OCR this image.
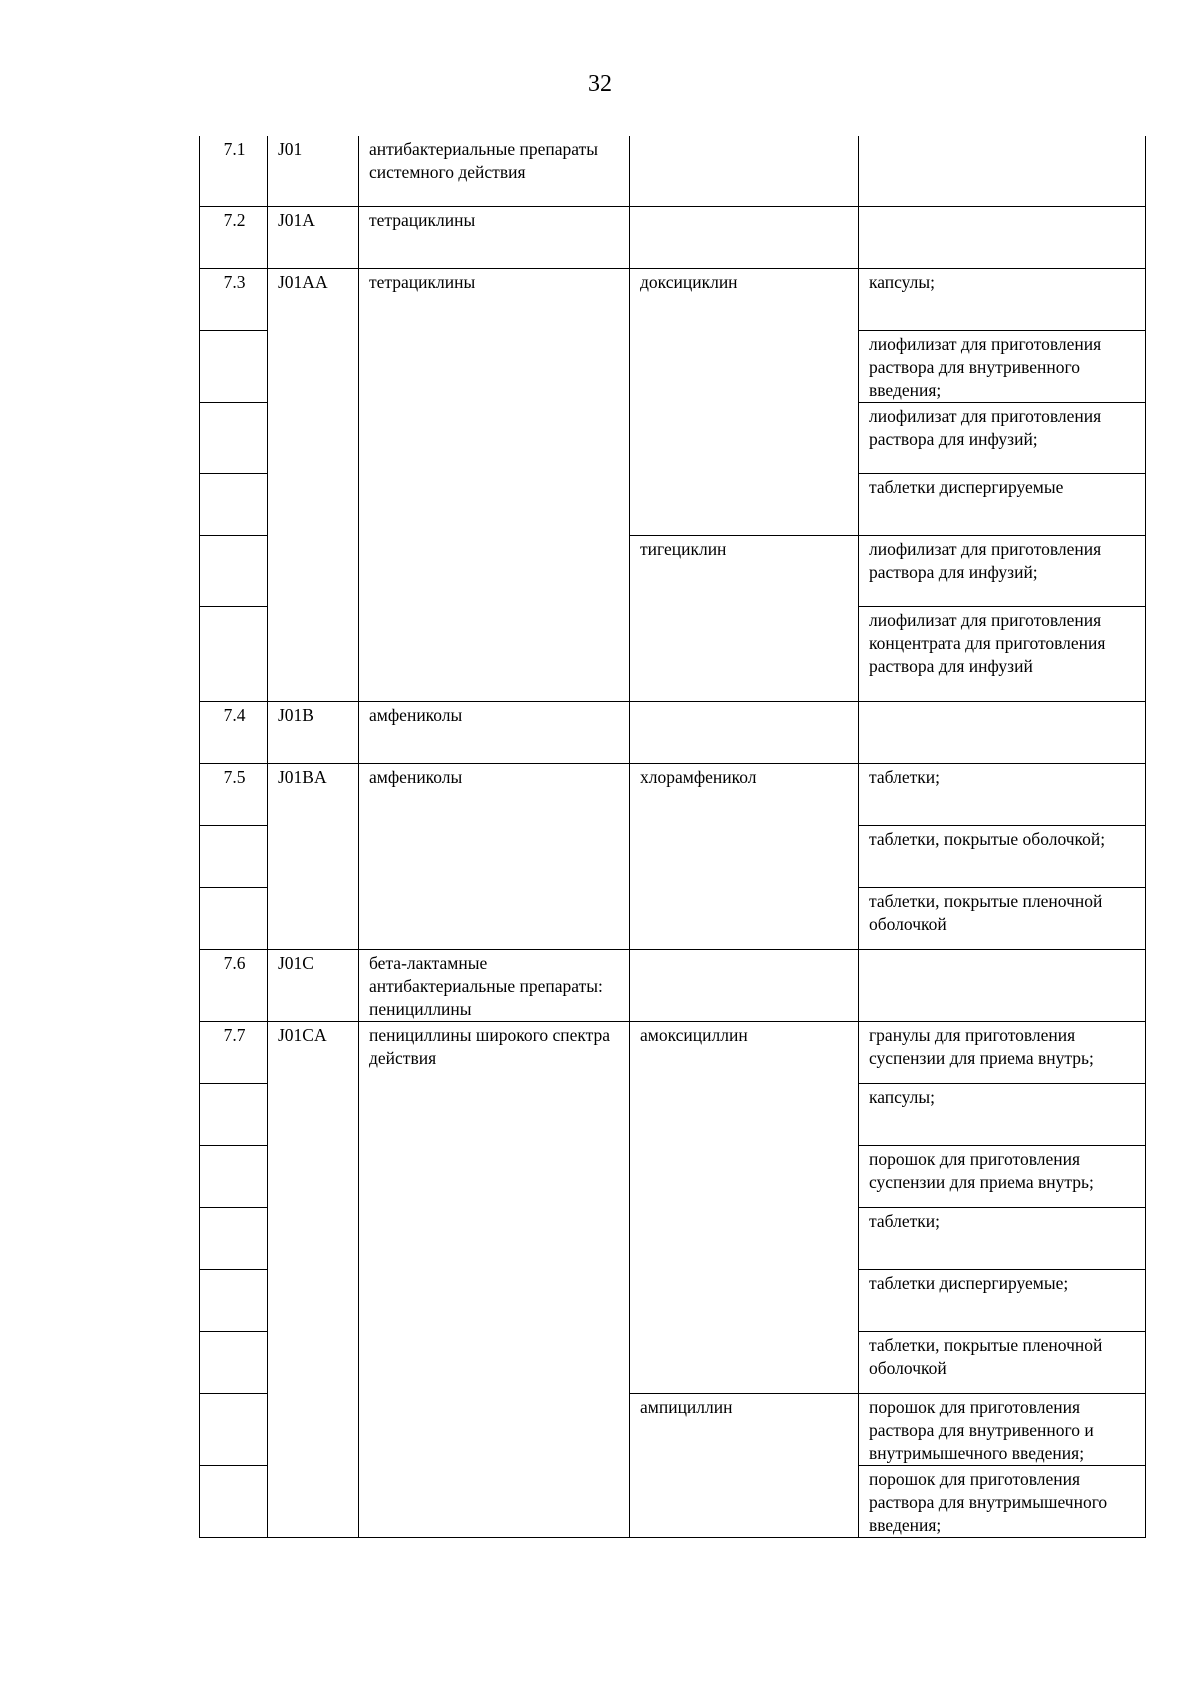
32
7.1	J01	антибактериальные препараты системного действия		
7.2	J01A	тетрациклины		
7.3	J01AA	тетрациклины	доксициклин	капсулы;
				лиофилизат для приготовления раствора для внутривенного введения;
				лиофилизат для приготовления раствора для инфузий;
				таблетки диспергируемые
			тигециклин	лиофилизат для приготовления раствора для инфузий;
				лиофилизат для приготовления концентрата для приготовления раствора для инфузий
7.4	J01B	амфениколы		
7.5	J01BA	амфениколы	хлорамфеникол	таблетки;
				таблетки, покрытые оболочкой;
				таблетки, покрытые пленочной оболочкой
7.6	J01C	бета-лактамные антибактериальные препараты: пенициллины		
7.7	J01CA	пенициллины широкого спектра действия	амоксициллин	гранулы для приготовления суспензии для приема внутрь;
				капсулы;
				порошок для приготовления суспензии для приема внутрь;
				таблетки;
				таблетки диспергируемые;
				таблетки, покрытые пленочной оболочкой
			ампициллин	порошок для приготовления раствора для внутривенного и внутримышечного введения;
				порошок для приготовления раствора для внутримышечного введения;
